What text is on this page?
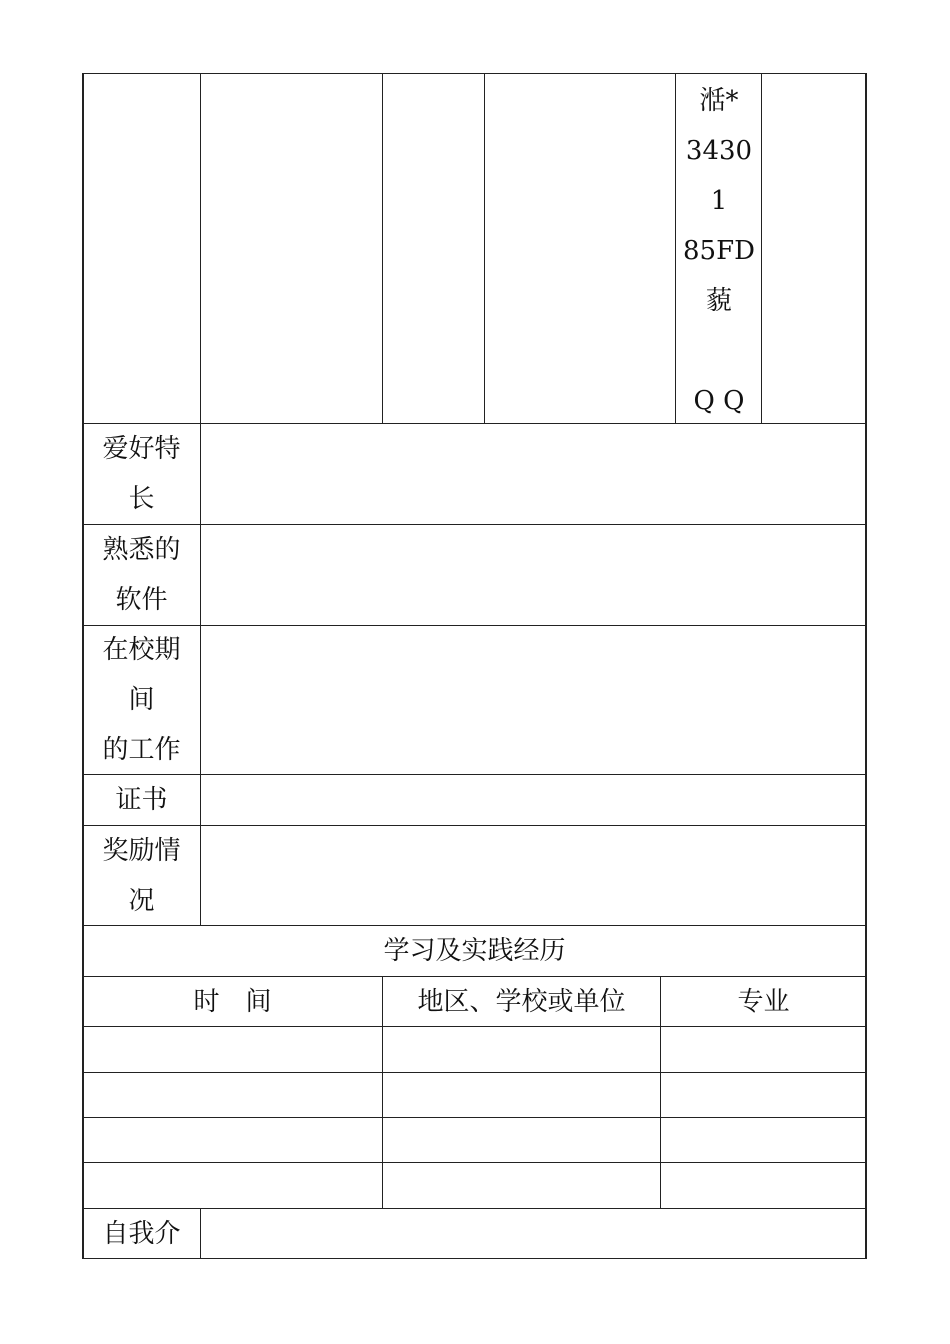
湉*
3430
1
85FD
藐
Q Q
爱好特
长
熟悉的
软件
在校期
间
的工作
证书
奖励情
况
学习及实践经历
时　间	地区、学校或单位	专业
自我介
